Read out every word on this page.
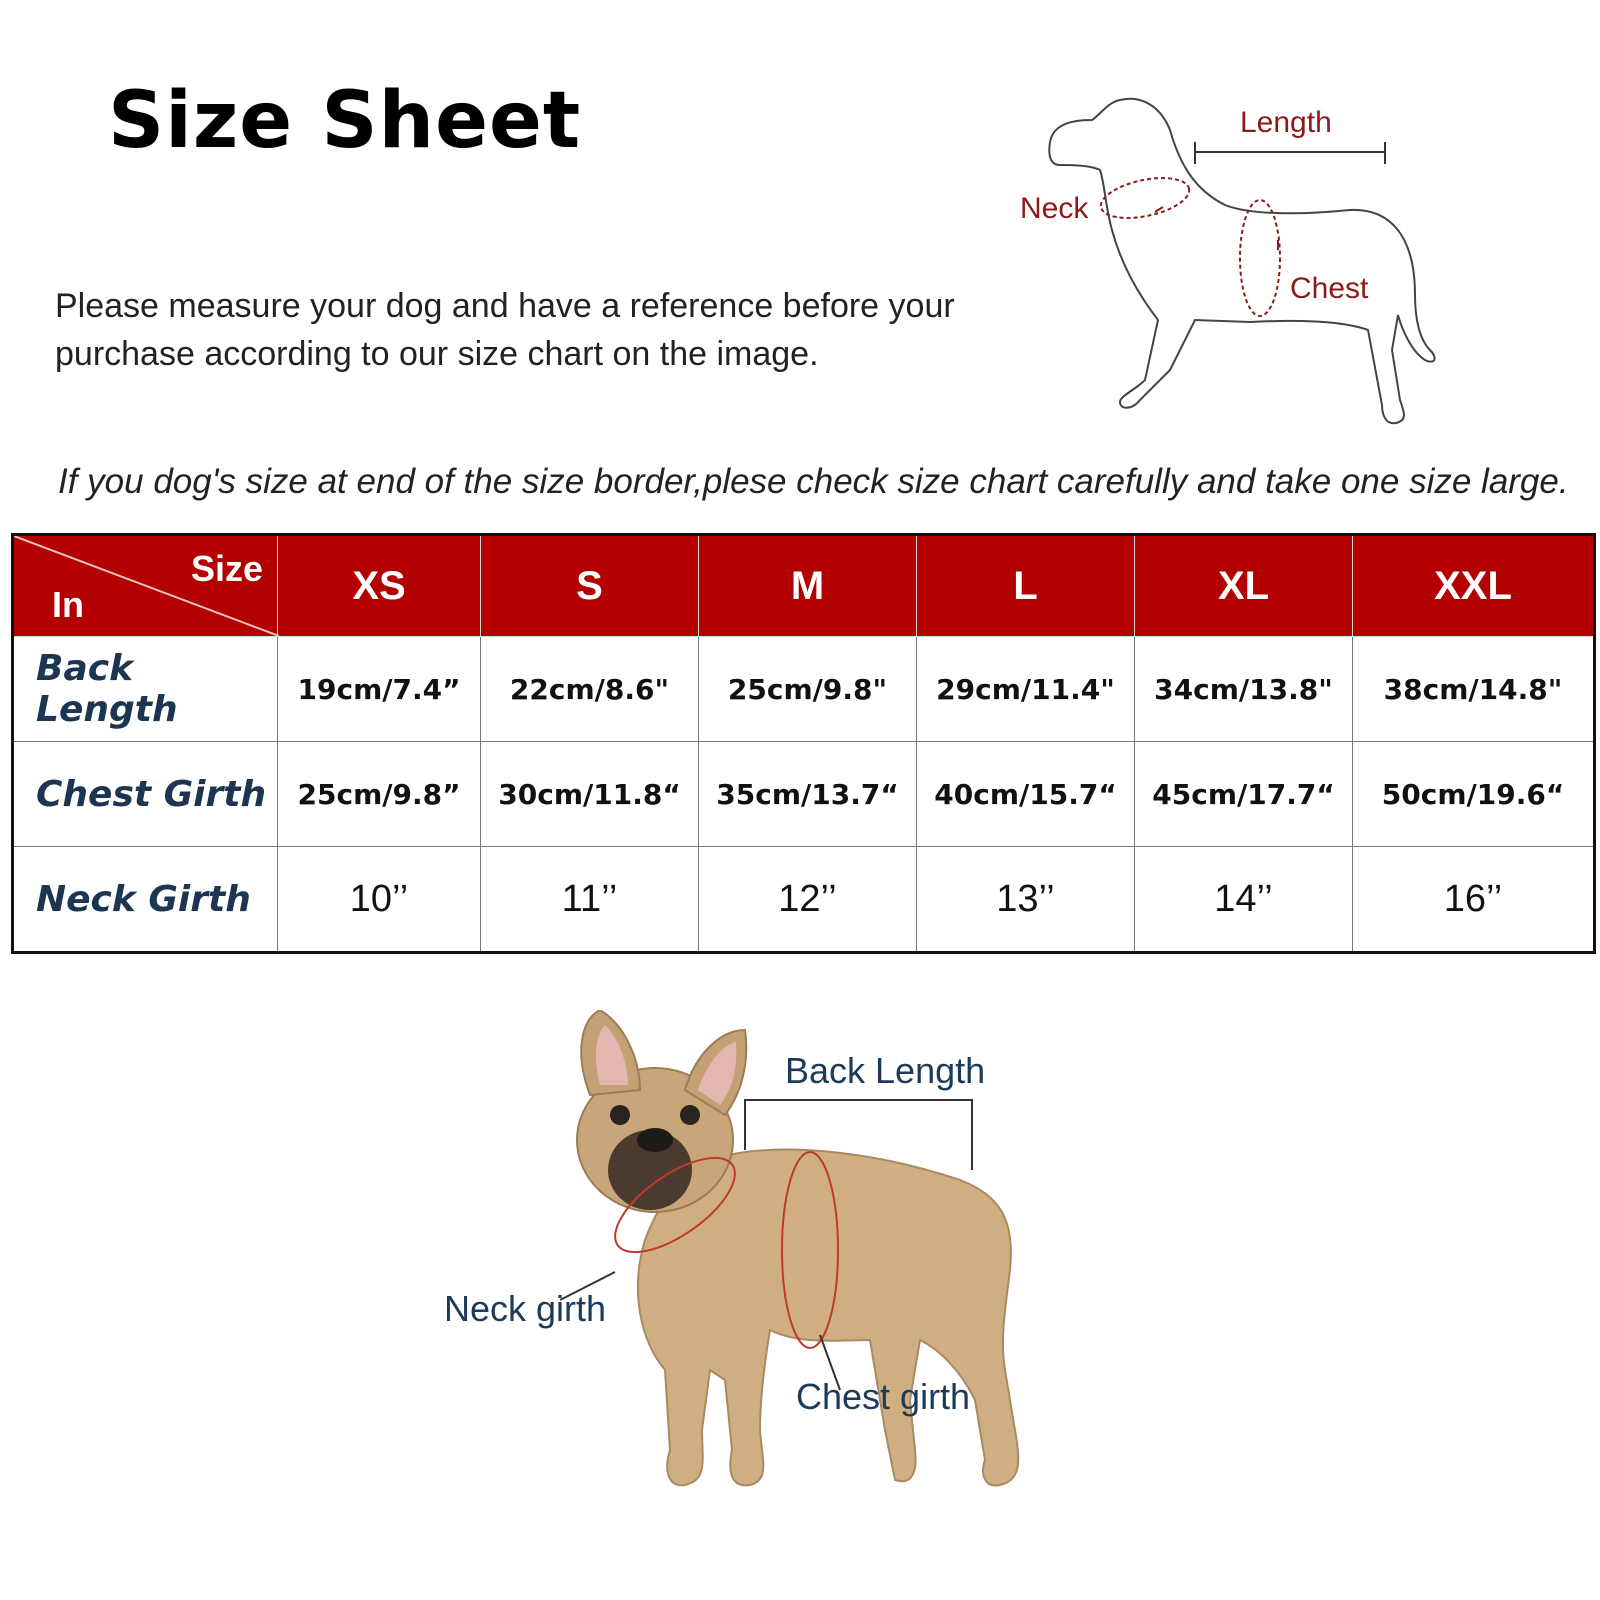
Size Sheet

Please measure your dog and have a reference before your
purchase according to our size chart on the image.

Length
Neck
Chest

If you dog's size at end of the size border,plese check size chart carefully and take one size large.

Size
In	XS	S	M	L	XL	XXL
Back Length	19cm/7.4”	22cm/8.6"	25cm/9.8"	29cm/11.4"	34cm/13.8"	38cm/14.8"
Chest Girth	25cm/9.8”	30cm/11.8“	35cm/13.7“	40cm/15.7“	45cm/17.7“	50cm/19.6“
Neck Girth	10’’	11’’	12’’	13’’	14’’	16’’
Back Length
Neck girth
Chest girth
